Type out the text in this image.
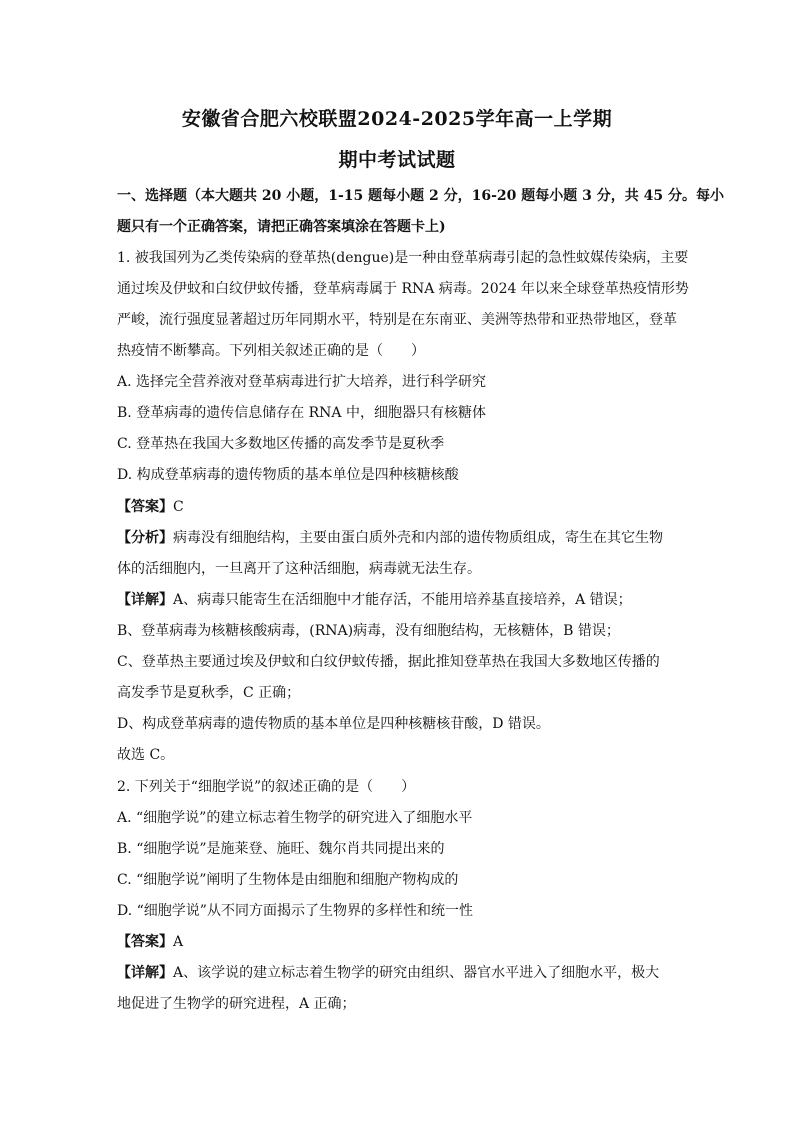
安徽省合肥六校联盟2024-2025学年高一上学期
期中考试试题
一、选择题（本大题共 20 小题，1-15 题每小题 2 分，16-20 题每小题 3 分，共 45 分。每小
题只有一个正确答案，请把正确答案填涂在答题卡上)
1. 被我国列为乙类传染病的登革热(dengue)是一种由登革病毒引起的急性蚊媒传染病，主要
通过埃及伊蚊和白纹伊蚊传播，登革病毒属于 RNA 病毒。2024 年以来全球登革热疫情形势
严峻，流行强度显著超过历年同期水平，特别是在东南亚、美洲等热带和亚热带地区，登革
热疫情不断攀高。下列相关叙述正确的是（　　）
A. 选择完全营养液对登革病毒进行扩大培养，进行科学研究
B. 登革病毒的遗传信息储存在 RNA 中，细胞器只有核糖体
C. 登革热在我国大多数地区传播的高发季节是夏秋季
D. 构成登革病毒的遗传物质的基本单位是四种核糖核酸
【答案】C
【分析】病毒没有细胞结构，主要由蛋白质外壳和内部的遗传物质组成，寄生在其它生物
体的活细胞内，一旦离开了这种活细胞，病毒就无法生存。
【详解】A、病毒只能寄生在活细胞中才能存活，不能用培养基直接培养，A 错误；
B、登革病毒为核糖核酸病毒，(RNA)病毒，没有细胞结构，无核糖体，B 错误；
C、登革热主要通过埃及伊蚊和白纹伊蚊传播，据此推知登革热在我国大多数地区传播的
高发季节是夏秋季，C 正确；
D、构成登革病毒的遗传物质的基本单位是四种核糖核苷酸，D 错误。
故选 C。
2. 下列关于“细胞学说”的叙述正确的是（　　）
A. “细胞学说”的建立标志着生物学的研究进入了细胞水平
B. “细胞学说”是施莱登、施旺、魏尔肖共同提出来的
C. “细胞学说”阐明了生物体是由细胞和细胞产物构成的
D. “细胞学说”从不同方面揭示了生物界的多样性和统一性
【答案】A
【详解】A、该学说的建立标志着生物学的研究由组织、器官水平进入了细胞水平，极大
地促进了生物学的研究进程，A 正确；
